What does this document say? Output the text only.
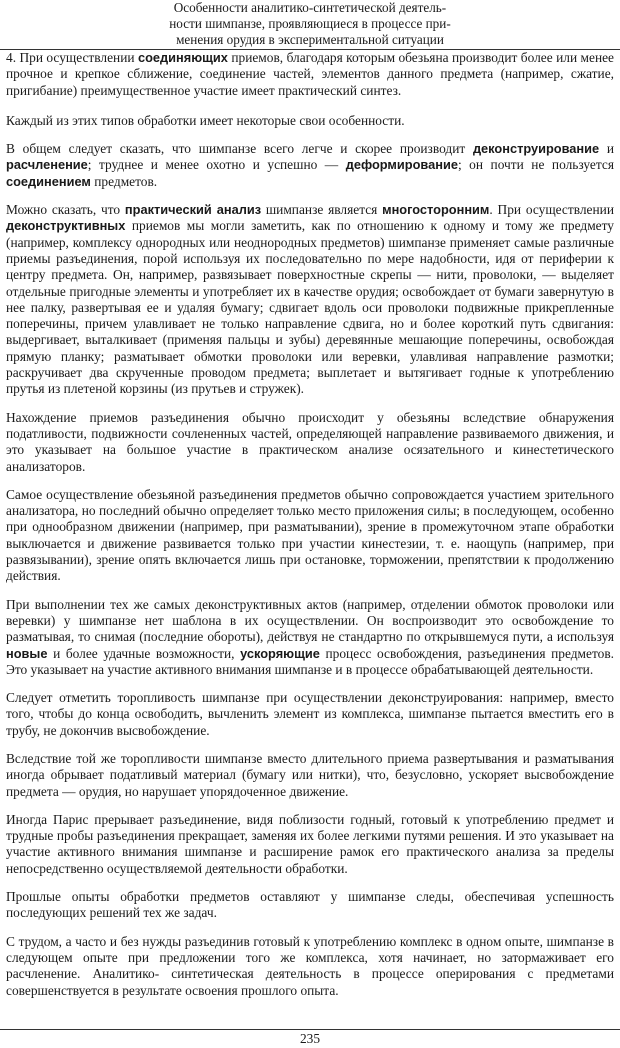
Особенности аналитико-синтетической деятель-
ности шимпанзе, проявляющиеся в процессе при-
менения орудия в экспериментальной ситуации

4. При осуществлении соединяющих приемов, благодаря которым обезьяна производит более или менее прочное и крепкое сближение, соединение частей, элементов данного предмета (например, сжатие, пригибание) преимущественное участие имеет практический синтез.

Каждый из этих типов обработки имеет некоторые свои особенности.

В общем следует сказать, что шимпанзе всего легче и скорее производит деконструирование и расчленение; труднее и менее охотно и успешно — деформирование; он почти не пользуется соединением предметов.

Можно сказать, что практический анализ шимпанзе является многосторонним. При осуществлении деконструктивных приемов мы могли заметить, как по отношению к одному и тому же предмету (например, комплексу однородных или неоднородных предметов) шимпанзе применяет самые различные приемы разъединения, порой используя их последовательно по мере надобности, идя от периферии к центру предмета. Он, например, развязывает поверхностные скрепы — нити, проволоки, — выделяет отдельные пригодные элементы и употребляет их в качестве орудия; освобождает от бумаги завернутую в нее палку, развертывая ее и удаляя бумагу; сдвигает вдоль оси проволоки подвижные прикрепленные поперечины, причем улавливает не только направление сдвига, но и более короткий путь сдвигания: выдергивает, выталкивает (применяя пальцы и зубы) деревянные мешающие поперечины, освобождая прямую планку; разматывает обмотки проволоки или веревки, улавливая направление размотки; раскручивает два скрученные проводом предмета; выплетает и вытягивает годные к употреблению прутья из плетеной корзины (из прутьев и стружек).

Нахождение приемов разъединения обычно происходит у обезьяны вследствие обнаружения податливости, подвижности сочлененных частей, определяющей направление развиваемого движения, и это указывает на большое участие в практическом анализе осязательного и кинестетического анализаторов.

Самое осуществление обезьяной разъединения предметов обычно сопровождается участием зрительного анализатора, но последний обычно определяет только место приложения силы; в последующем, особенно при однообразном движении (например, при разматывании), зрение в промежуточном этапе обработки выключается и движение развивается только при участии кинестезии, т. е. наощупь (например, при развязывании), зрение опять включается лишь при остановке, торможении, препятствии к продолжению действия.

При выполнении тех же самых деконструктивных актов (например, отделении обмоток проволоки или веревки) у шимпанзе нет шаблона в их осуществлении. Он воспроизводит это освобождение то разматывая, то снимая (последние обороты), действуя не стандартно по открывшемуся пути, а используя новые и более удачные возможности, ускоряющие процесс освобождения, разъединения предметов. Это указывает на участие активного внимания шимпанзе и в процессе обрабатывающей деятельности.

Следует отметить торопливость шимпанзе при осуществлении деконструирования: например, вместо того, чтобы до конца освободить, вычленить элемент из комплекса, шимпанзе пытается вместить его в трубу, не докончив высвобождение.

Вследствие той же торопливости шимпанзе вместо длительного приема развертывания и разматывания иногда обрывает податливый материал (бумагу или нитки), что, безусловно, ускоряет высвобождение предмета — орудия, но нарушает упорядоченное движение.

Иногда Парис прерывает разъединение, видя поблизости годный, готовый к употреблению предмет и трудные пробы разъединения прекращает, заменяя их более легкими путями решения. И это указывает на участие активного внимания шимпанзе и расширение рамок его практического анализа за пределы непосредственно осуществляемой деятельности обработки.

Прошлые опыты обработки предметов оставляют у шимпанзе следы, обеспечивая успешность последующих решений тех же задач.

С трудом, а часто и без нужды разъединив готовый к употреблению комплекс в одном опыте, шимпанзе в следующем опыте при предложении того же комплекса, хотя начинает, но затормаживает его расчленение. Аналитико- синтетическая деятельность в процессе оперирования с предметами совершенствуется в результате освоения прошлого опыта.

235
